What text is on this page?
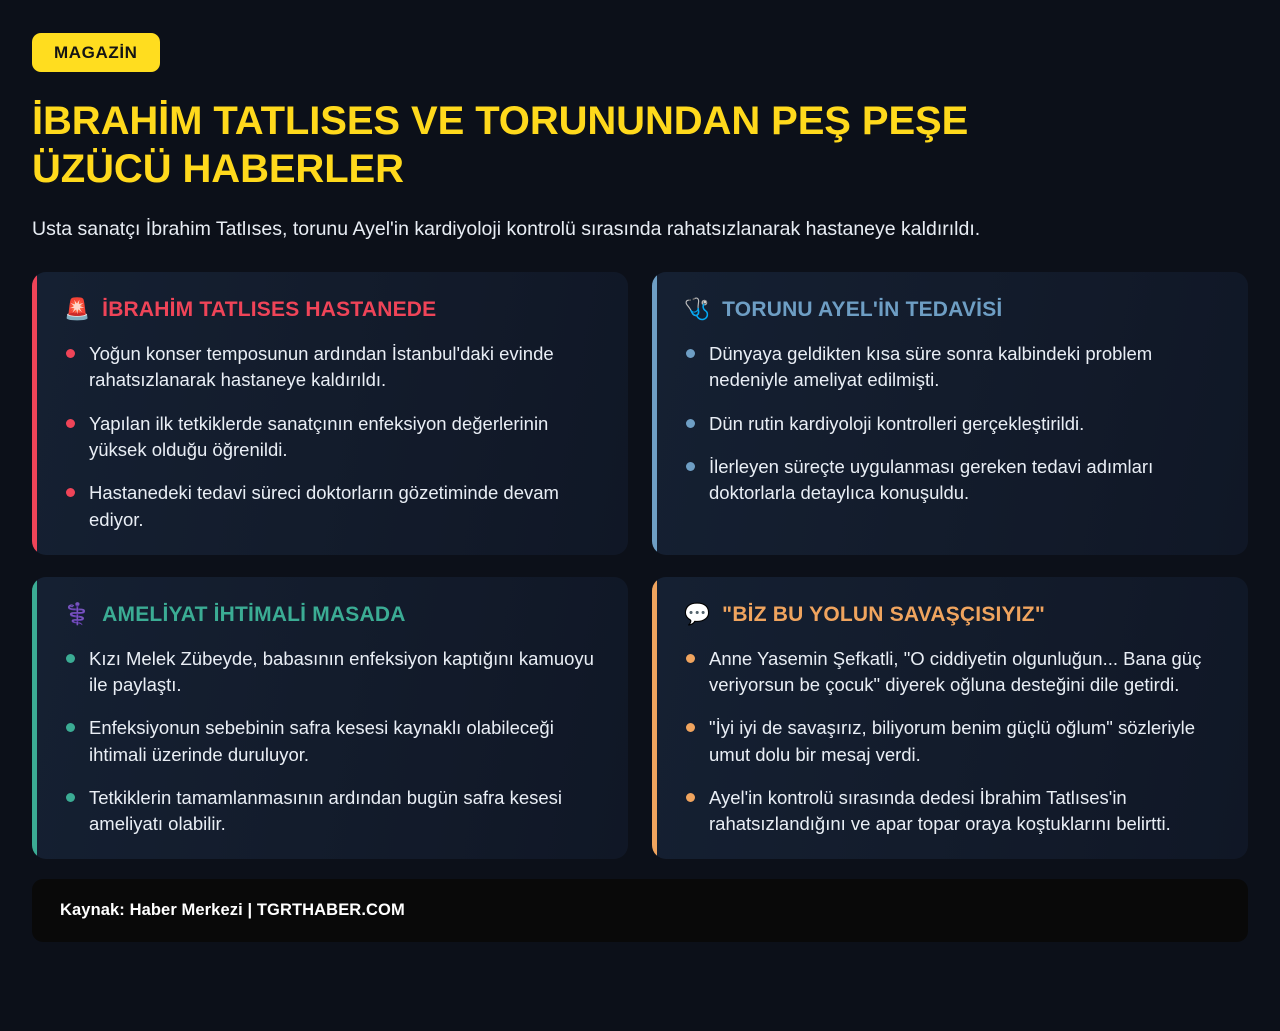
MAGAZİN
İBRAHİM TATLISES VE TORUNUNDAN PEŞ PEŞE ÜZÜCÜ HABERLER

Usta sanatçı İbrahim Tatlıses, torunu Ayel'in kardiyoloji kontrolü sırasında rahatsızlanarak hastaneye kaldırıldı.

🚨 İBRAHİM TATLISES HASTANEDE
Yoğun konser temposunun ardından İstanbul'daki evinde rahatsızlanarak hastaneye kaldırıldı.
Yapılan ilk tetkiklerde sanatçının enfeksiyon değerlerinin yüksek olduğu öğrenildi.
Hastanedeki tedavi süreci doktorların gözetiminde devam ediyor.
🩺 TORUNU AYEL'İN TEDAVİSİ
Dünyaya geldikten kısa süre sonra kalbindeki problem nedeniyle ameliyat edilmişti.
Dün rutin kardiyoloji kontrolleri gerçekleştirildi.
İlerleyen süreçte uygulanması gereken tedavi adımları doktorlarla detaylıca konuşuldu.
⚕️ AMELİYAT İHTİMALİ MASADA
Kızı Melek Zübeyde, babasının enfeksiyon kaptığını kamuoyu ile paylaştı.
Enfeksiyonun sebebinin safra kesesi kaynaklı olabileceği ihtimali üzerinde duruluyor.
Tetkiklerin tamamlanmasının ardından bugün safra kesesi ameliyatı olabilir.
💬 "BİZ BU YOLUN SAVAŞÇISIYIZ"
Anne Yasemin Şefkatli, "O ciddiyetin olgunluğun... Bana güç veriyorsun be çocuk" diyerek oğluna desteğini dile getirdi.
"İyi iyi de savaşırız, biliyorum benim güçlü oğlum" sözleriyle umut dolu bir mesaj verdi.
Ayel'in kontrolü sırasında dedesi İbrahim Tatlıses'in rahatsızlandığını ve apar topar oraya koştuklarını belirtti.
Kaynak: Haber Merkezi | TGRTHABER.COM
